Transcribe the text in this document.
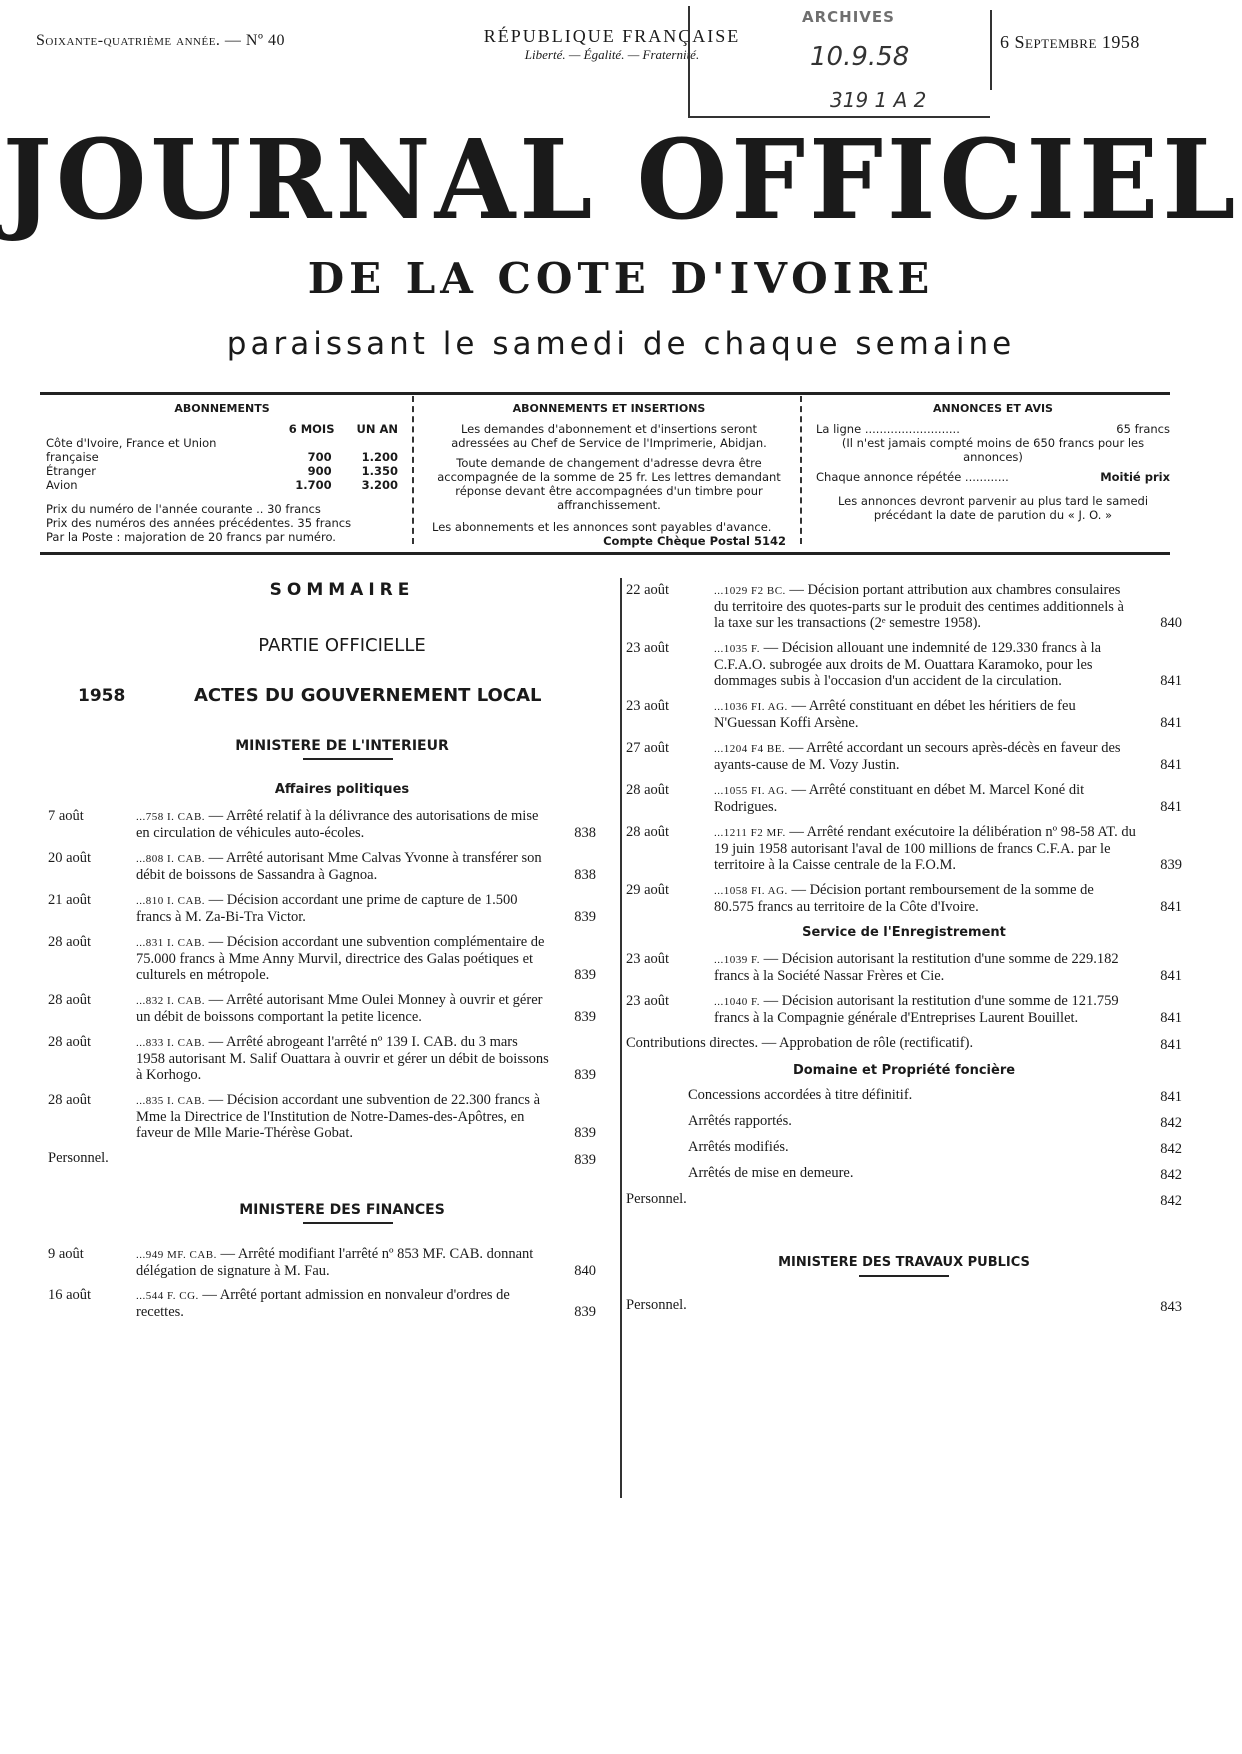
Soixante-quatrième année. — Nº 40	RÉPUBLIQUE FRANÇAISE
Liberté. — Égalité. — Fraternité.
ARCHIVES
10.9.58
319 1 A 2
6 Septembre 1958
JOURNAL OFFICIEL
DE LA COTE D'IVOIRE
paraissant le samedi de chaque semaine
ABONNEMENTS
6 MOIS UN AN
Côte d'Ivoire, France et Union française	700	1.200
Étranger	900	1.350
Avion	1.700	3.200
Prix du numéro de l'année courante .. 30 francs
Prix des numéros des années précédentes. 35 francs
Par la Poste : majoration de 20 francs par numéro.
ABONNEMENTS ET INSERTIONS
Les demandes d'abonnement et d'insertions seront adressées au Chef de Service de l'Imprimerie, Abidjan.
Toute demande de changement d'adresse devra être accompagnée de la somme de 25 fr. Les lettres demandant réponse devant être accompagnées d'un timbre pour affranchissement.
Les abonnements et les annonces sont payables d'avance.
Compte Chèque Postal 5142
ANNONCES ET AVIS
La ligne ..........................	65 francs
(Il n'est jamais compté moins de 650 francs pour les annonces)
Chaque annonce répétée ............	Moitié prix
Les annonces devront parvenir au plus tard le samedi précédant la date de parution du « J. O. »
SOMMAIRE
PARTIE OFFICIELLE
1958	ACTES DU GOUVERNEMENT LOCAL
MINISTERE DE L'INTERIEUR
Affaires politiques
7 août	...758 I. CAB. — Arrêté relatif à la délivrance des autorisations de mise en circulation de véhicules auto-écoles.	838
20 août	...808 I. CAB. — Arrêté autorisant Mme Calvas Yvonne à transférer son débit de boissons de Sassandra à Gagnoa.	838
21 août	...810 I. CAB. — Décision accordant une prime de capture de 1.500 francs à M. Za-Bi-Tra Victor.	839
28 août	...831 I. CAB. — Décision accordant une subvention complémentaire de 75.000 francs à Mme Anny Murvil, directrice des Galas poétiques et culturels en métropole.	839
28 août	...832 I. CAB. — Arrêté autorisant Mme Oulei Monney à ouvrir et gérer un débit de boissons comportant la petite licence.	839
28 août	...833 I. CAB. — Arrêté abrogeant l'arrêté nº 139 I. CAB. du 3 mars 1958 autorisant M. Salif Ouattara à ouvrir et gérer un débit de boissons à Korhogo.	839
28 août	...835 I. CAB. — Décision accordant une subvention de 22.300 francs à Mme la Directrice de l'Institution de Notre-Dames-des-Apôtres, en faveur de Mlle Marie-Thérèse Gobat.	839
Personnel.	839
MINISTERE DES FINANCES
9 août	...949 MF. CAB. — Arrêté modifiant l'arrêté nº 853 MF. CAB. donnant délégation de signature à M. Fau.	840
16 août	...544 F. CG. — Arrêté portant admission en nonvaleur d'ordres de recettes.	839
22 août	...1029 F2 BC. — Décision portant attribution aux chambres consulaires du territoire des quotes-parts sur le produit des centimes additionnels à la taxe sur les transactions (2ᵉ semestre 1958).	840
23 août	...1035 F. — Décision allouant une indemnité de 129.330 francs à la C.F.A.O. subrogée aux droits de M. Ouattara Karamoko, pour les dommages subis à l'occasion d'un accident de la circulation.	841
23 août	...1036 FI. AG. — Arrêté constituant en débet les héritiers de feu N'Guessan Koffi Arsène.	841
27 août	...1204 F4 BE. — Arrêté accordant un secours après-décès en faveur des ayants-cause de M. Vozy Justin.	841
28 août	...1055 FI. AG. — Arrêté constituant en débet M. Marcel Koné dit Rodrigues.	841
28 août	...1211 F2 MF. — Arrêté rendant exécutoire la délibération nº 98-58 AT. du 19 juin 1958 autorisant l'aval de 100 millions de francs C.F.A. par le territoire à la Caisse centrale de la F.O.M.	839
29 août	...1058 FI. AG. — Décision portant remboursement de la somme de 80.575 francs au territoire de la Côte d'Ivoire.	841
Service de l'Enregistrement
23 août	...1039 F. — Décision autorisant la restitution d'une somme de 229.182 francs à la Société Nassar Frères et Cie.	841
23 août	...1040 F. — Décision autorisant la restitution d'une somme de 121.759 francs à la Compagnie générale d'Entreprises Laurent Bouillet.	841
Contributions directes. — Approbation de rôle (rectificatif).	841
Domaine et Propriété foncière
Concessions accordées à titre définitif.	841
Arrêtés rapportés.	842
Arrêtés modifiés.	842
Arrêtés de mise en demeure.	842
Personnel.	842
MINISTERE DES TRAVAUX PUBLICS
Personnel.	843
